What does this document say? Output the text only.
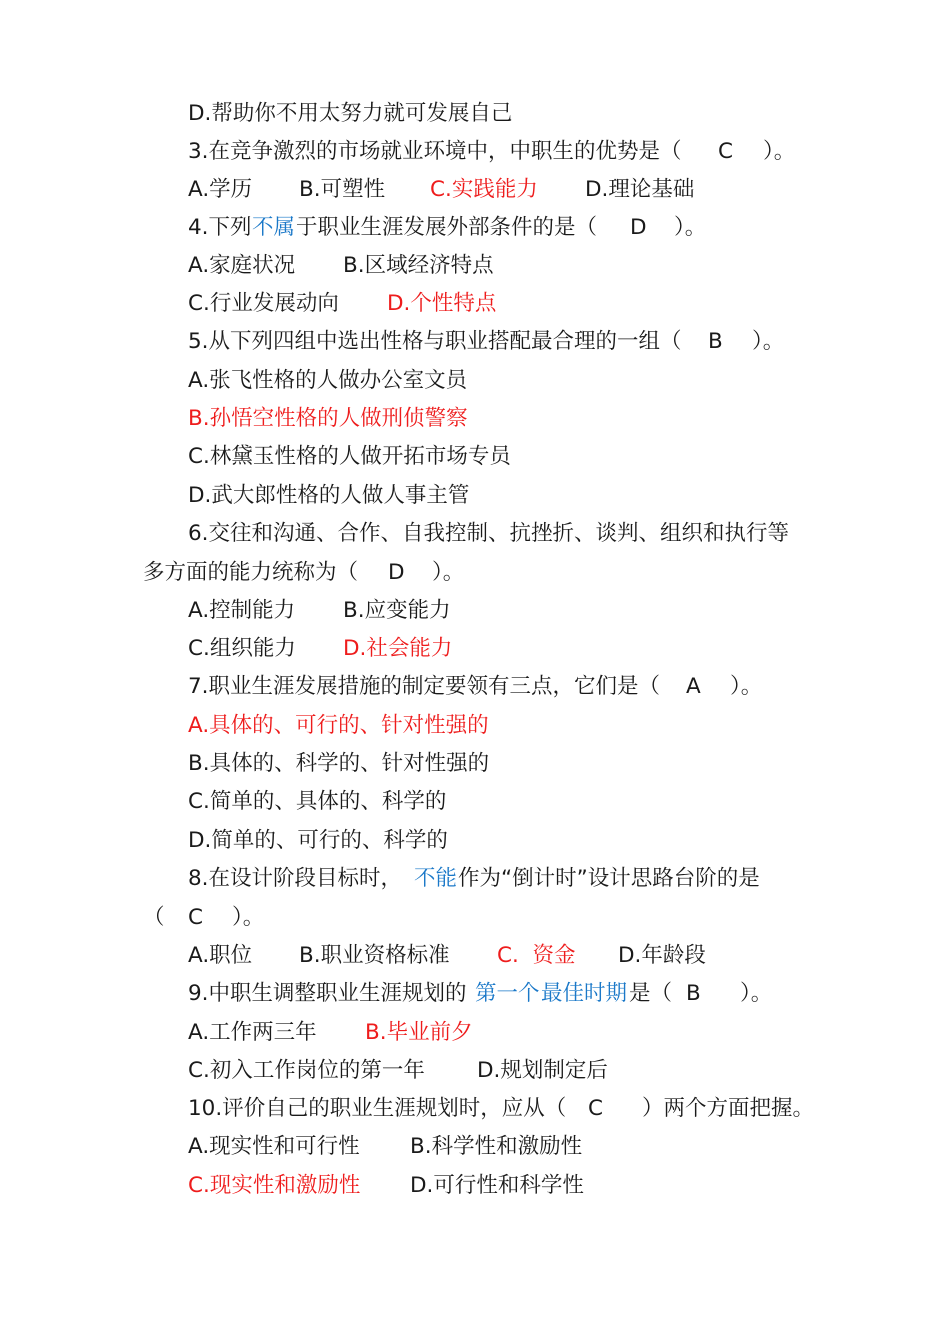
D.帮助你不用太努力就可发展自己
3.在竞争激烈的市场就业环境中，中职生的优势是（ C ）。
A.学历 B.可塑性 C.实践能力 D.理论基础
4.下列 不属 于职业生涯发展外部条件的是（ D ）。
A.家庭状况 B.区域经济特点
C.行业发展动向 D.个性特点
5.从下列四组中选出性格与职业搭配最合理的一组（ B ）。
A.张飞性格的人做办公室文员
B.孙悟空性格的人做刑侦警察
C.林黛玉性格的人做开拓市场专员
D.武大郎性格的人做人事主管
6.交往和沟通、合作、自我控制、抗挫折、谈判、组织和执行等
多方面的能力统称为（ D ）。
A.控制能力 B.应变能力
C.组织能力 D.社会能力
7.职业生涯发展措施的制定要领有三点，它们是（ A ）。
A.具体的、可行的、针对性强的
B.具体的、科学的、针对性强的
C.简单的、具体的、科学的
D.简单的、可行的、科学的
8.在设计阶段目标时， 不能 作为“倒计时”设计思路台阶的是
（ C ）。
A.职位 B.职业资格标准 C.  资金 D.年龄段
9.中职生调整职业生涯规划的 第一个 最佳时期 是（ B ）。
A.工作两三年 B.毕业前夕
C.初入工作岗位的第一年 D.规划制定后
10.评价自己的职业生涯规划时，应从（ C ）两个方面把握。
A.现实性和可行性 B.科学性和激励性
C.现实性和激励性 D.可行性和科学性
